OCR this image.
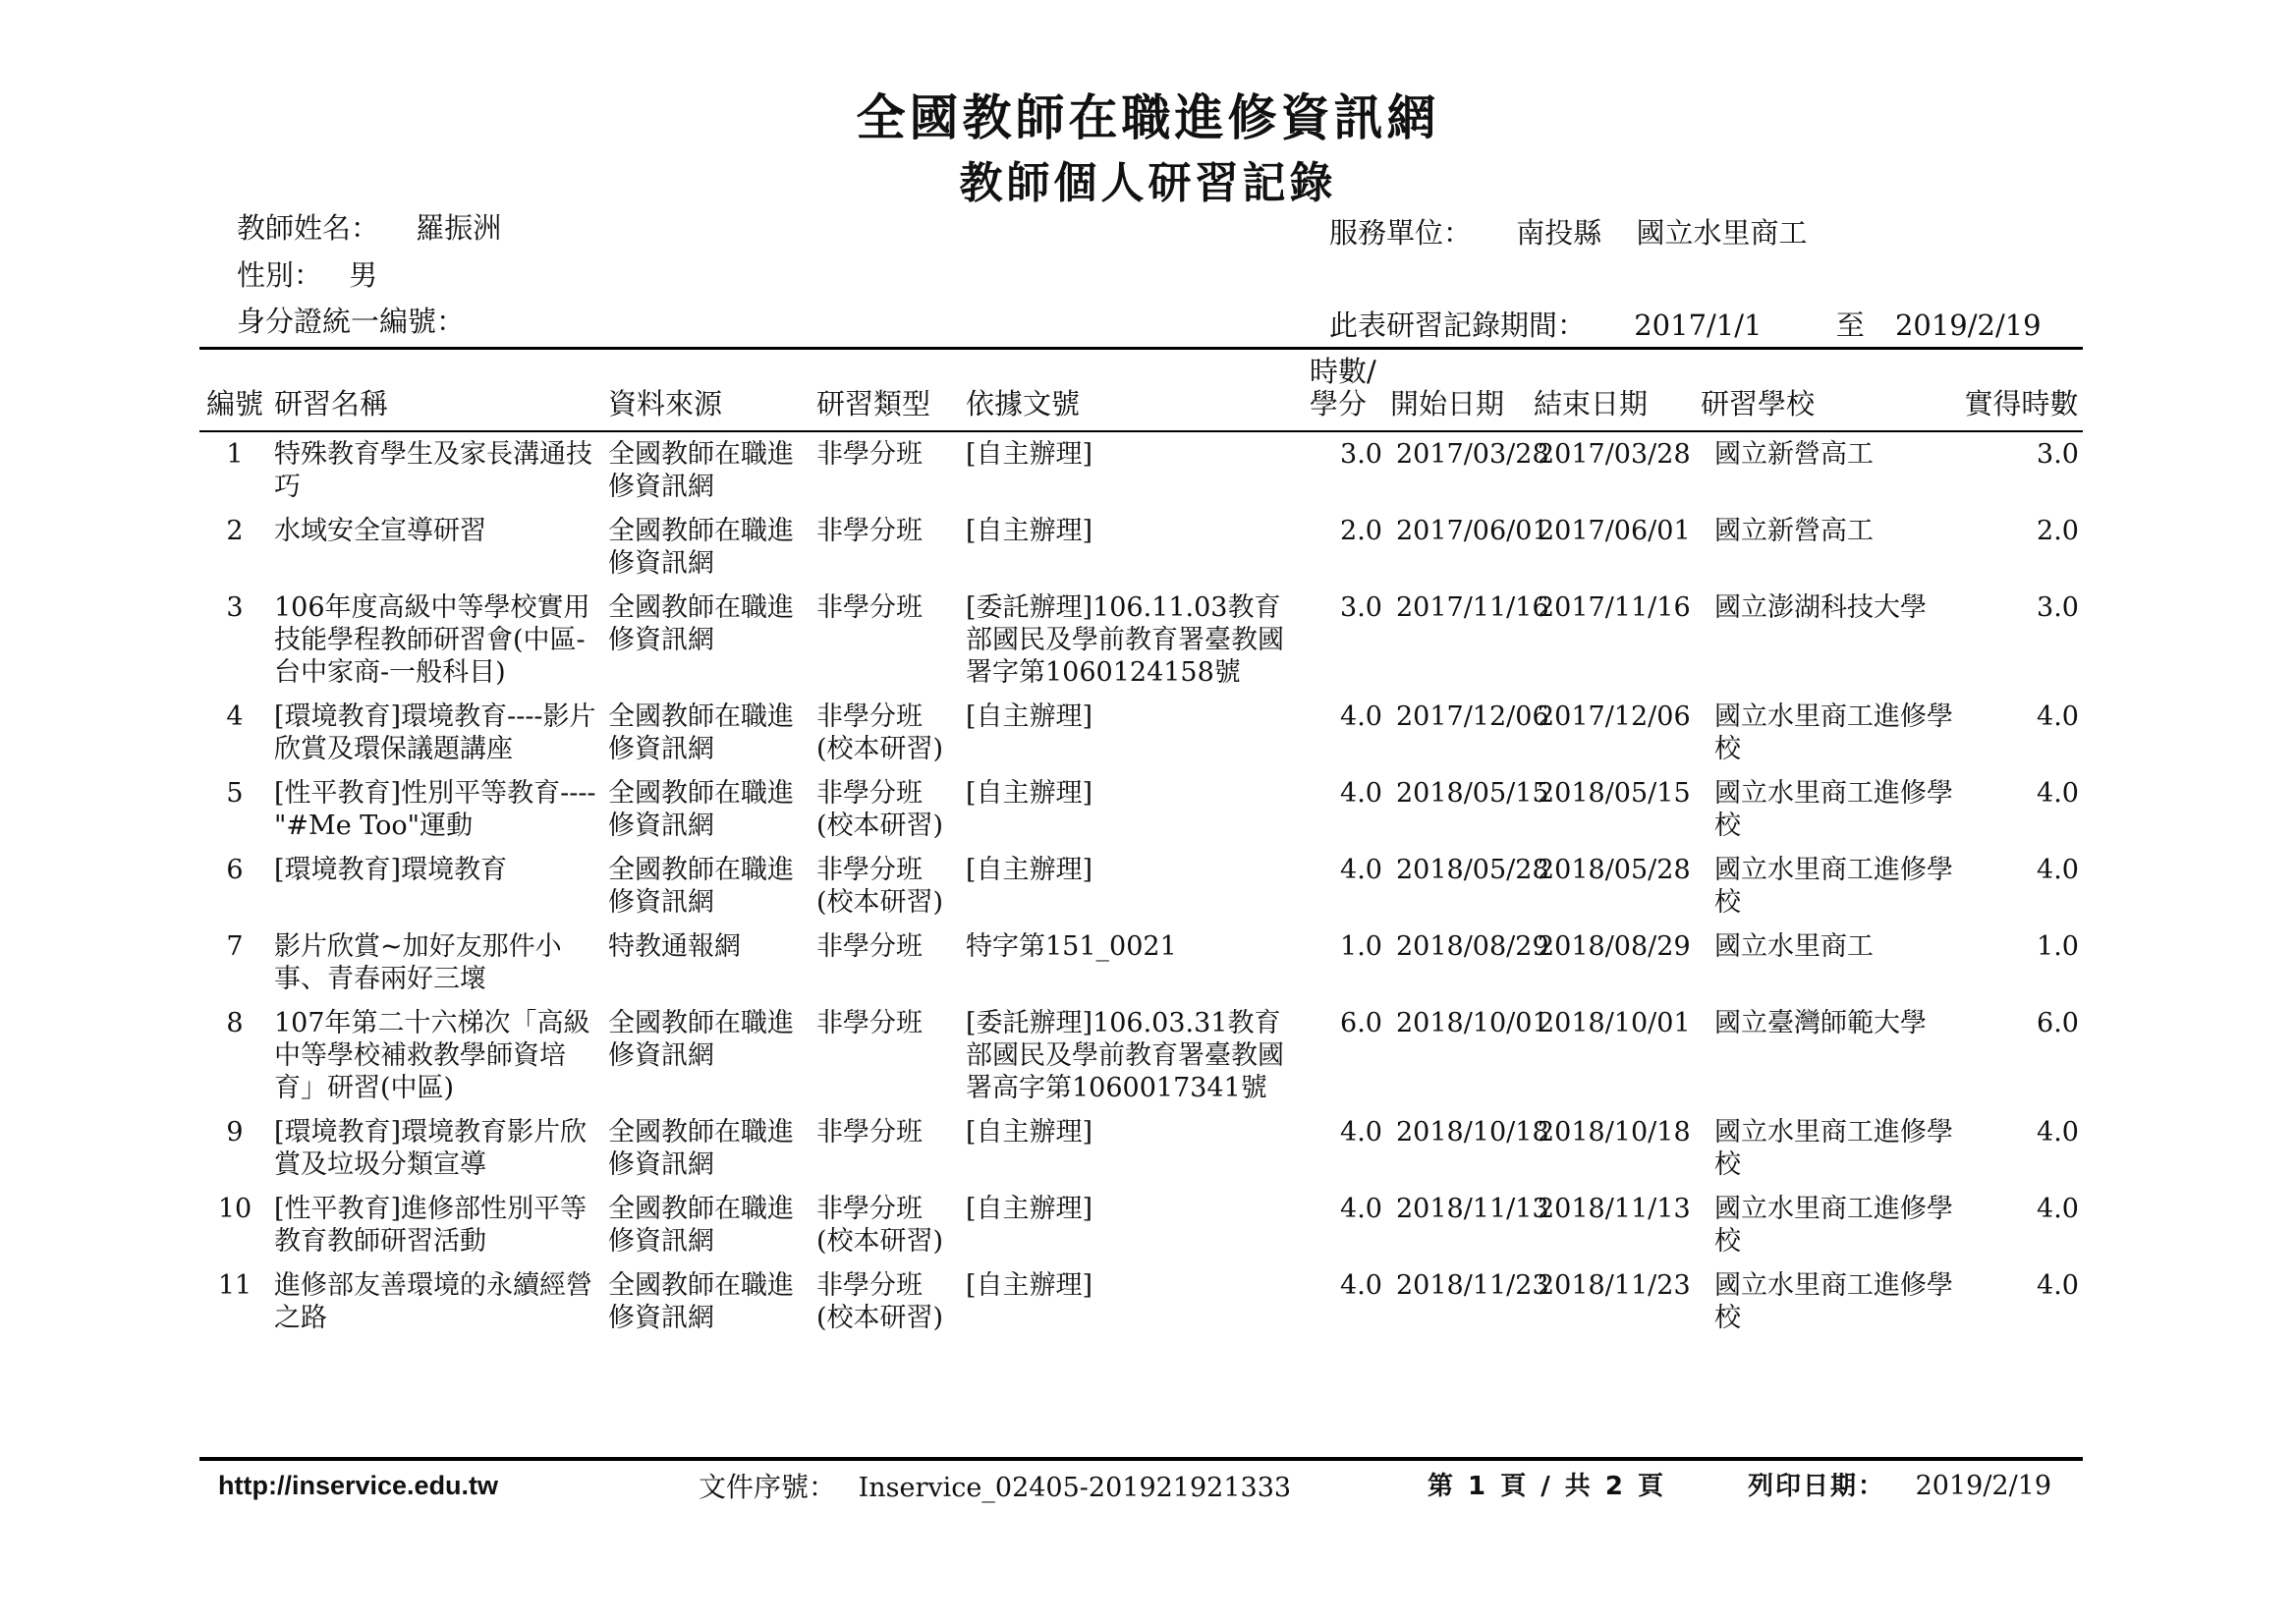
全國教師在職進修資訊網
教師個人研習記錄
教師姓名： 羅振洲
性別： 男
身分證統一編號：
服務單位： 南投縣 國立水里商工
此表研習記錄期間： 2017/1/1	至 2019/2/19
編號	研習名稱	資料來源	研習類型	依據文號	時數/學分	開始日期	結束日期	研習學校	實得時數
1	特殊教育學生及家長溝通技巧	全國教師在職進修資訊網	非學分班	[自主辦理]	3.0	2017/03/28	2017/03/28	國立新營高工	3.0
2	水域安全宣導研習	全國教師在職進修資訊網	非學分班	[自主辦理]	2.0	2017/06/01	2017/06/01	國立新營高工	2.0
3	106年度高級中等學校實用技能學程教師研習會(中區-台中家商-一般科目)	全國教師在職進修資訊網	非學分班	[委託辦理]106.11.03教育部國民及學前教育署臺教國署字第1060124158號	3.0	2017/11/16	2017/11/16	國立澎湖科技大學	3.0
4	[環境教育]環境教育----影片欣賞及環保議題講座	全國教師在職進修資訊網	非學分班(校本研習)	[自主辦理]	4.0	2017/12/06	2017/12/06	國立水里商工進修學校	4.0
5	[性平教育]性別平等教育----"#Me Too"運動	全國教師在職進修資訊網	非學分班(校本研習)	[自主辦理]	4.0	2018/05/15	2018/05/15	國立水里商工進修學校	4.0
6	[環境教育]環境教育	全國教師在職進修資訊網	非學分班(校本研習)	[自主辦理]	4.0	2018/05/28	2018/05/28	國立水里商工進修學校	4.0
7	影片欣賞~加好友那件小事、青春兩好三壞	特教通報網	非學分班	特字第151_0021	1.0	2018/08/29	2018/08/29	國立水里商工	1.0
8	107年第二十六梯次「高級中等學校補救教學師資培育」研習(中區)	全國教師在職進修資訊網	非學分班	[委託辦理]106.03.31教育部國民及學前教育署臺教國署高字第1060017341號	6.0	2018/10/01	2018/10/01	國立臺灣師範大學	6.0
9	[環境教育]環境教育影片欣賞及垃圾分類宣導	全國教師在職進修資訊網	非學分班	[自主辦理]	4.0	2018/10/18	2018/10/18	國立水里商工進修學校	4.0
10	[性平教育]進修部性別平等教育教師研習活動	全國教師在職進修資訊網	非學分班(校本研習)	[自主辦理]	4.0	2018/11/13	2018/11/13	國立水里商工進修學校	4.0
11	進修部友善環境的永續經營之路	全國教師在職進修資訊網	非學分班(校本研習)	[自主辦理]	4.0	2018/11/23	2018/11/23	國立水里商工進修學校	4.0
http://inservice.edu.tw	文件序號： Inservice_02405-201921921333	第 1 頁 / 共 2 頁	列印日期： 2019/2/19
